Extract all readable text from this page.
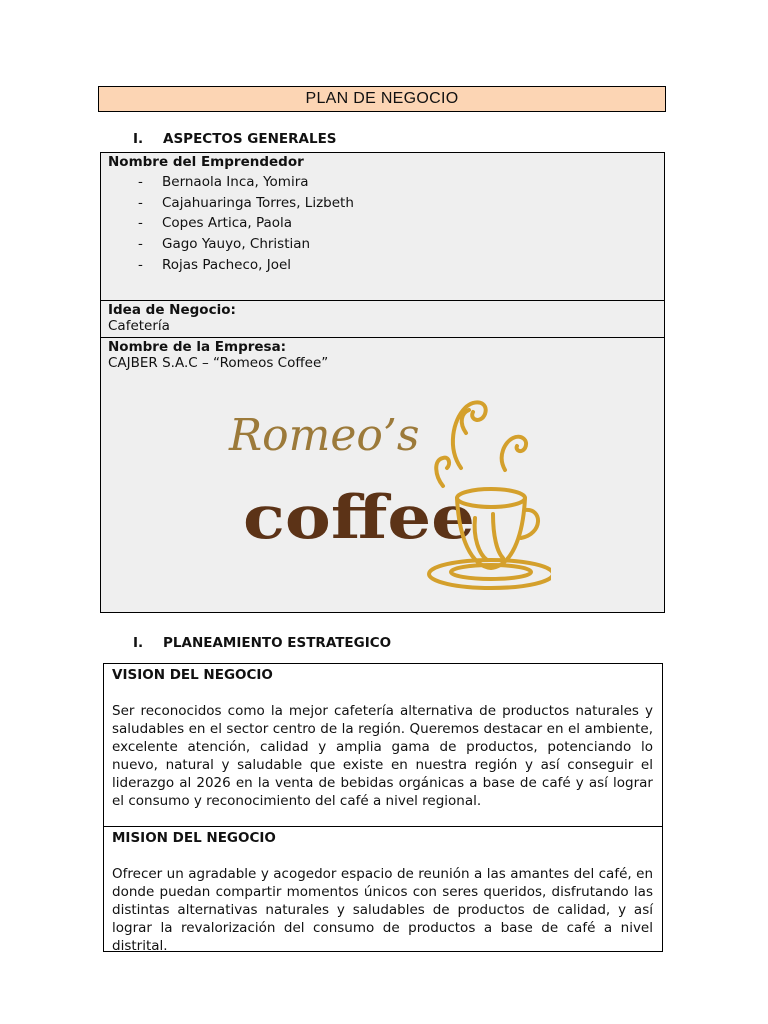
PLAN DE NEGOCIO
I. ASPECTOS GENERALES

Nombre del Emprendedor

-	Bernaola Inca, Yomira
-	Cajahuaringa Torres, Lizbeth
-	Copes Artica, Paola
-	Gago Yauyo, Christian
-	Rojas Pacheco, Joel

Idea de Negocio:

Cafetería

Nombre de la Empresa:

CAJBER S.A.C – “Romeos Coffee”

Romeo’s
coffee
I. PLANEAMIENTO ESTRATEGICO

VISION DEL NEGOCIO

Ser reconocidos como la mejor cafetería alternativa de productos naturales y saludables en el sector centro de la región. Queremos destacar en el ambiente, excelente atención, calidad y amplia gama de productos, potenciando lo nuevo, natural y saludable que existe en nuestra región y así conseguir el liderazgo al 2026 en la venta de bebidas orgánicas a base de café y así lograr el consumo y reconocimiento del café a nivel regional.

MISION DEL NEGOCIO

Ofrecer un agradable y acogedor espacio de reunión a las amantes del café, en donde puedan compartir momentos únicos con seres queridos, disfrutando las distintas alternativas naturales y saludables de productos de calidad, y así lograr la revalorización del consumo de productos a base de café a nivel distrital.
